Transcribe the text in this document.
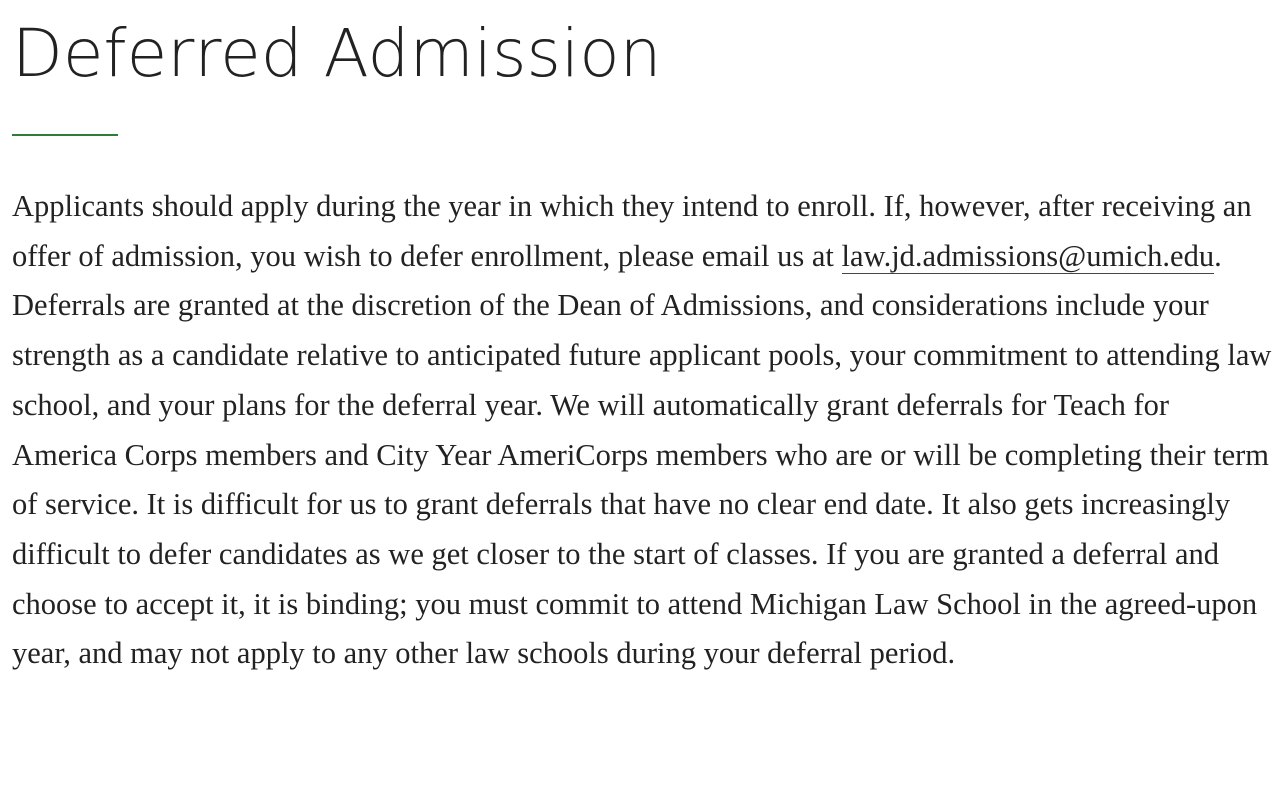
Deferred Admission

Applicants should apply during the year in which they intend to enroll. If, however, after receiving an offer of admission, you wish to defer enrollment, please email us at law.jd.admissions@umich.edu. Deferrals are granted at the discretion of the Dean of Admissions, and considerations include your strength as a candidate relative to anticipated future applicant pools, your commitment to attending law school, and your plans for the deferral year. We will automatically grant deferrals for Teach for America Corps members and City Year AmeriCorps members who are or will be completing their term of service. It is difficult for us to grant deferrals that have no clear end date. It also gets increasingly difficult to defer candidates as we get closer to the start of classes. If you are granted a deferral and choose to accept it, it is binding; you must commit to attend Michigan Law School in the agreed-upon year, and may not apply to any other law schools during your deferral period.
